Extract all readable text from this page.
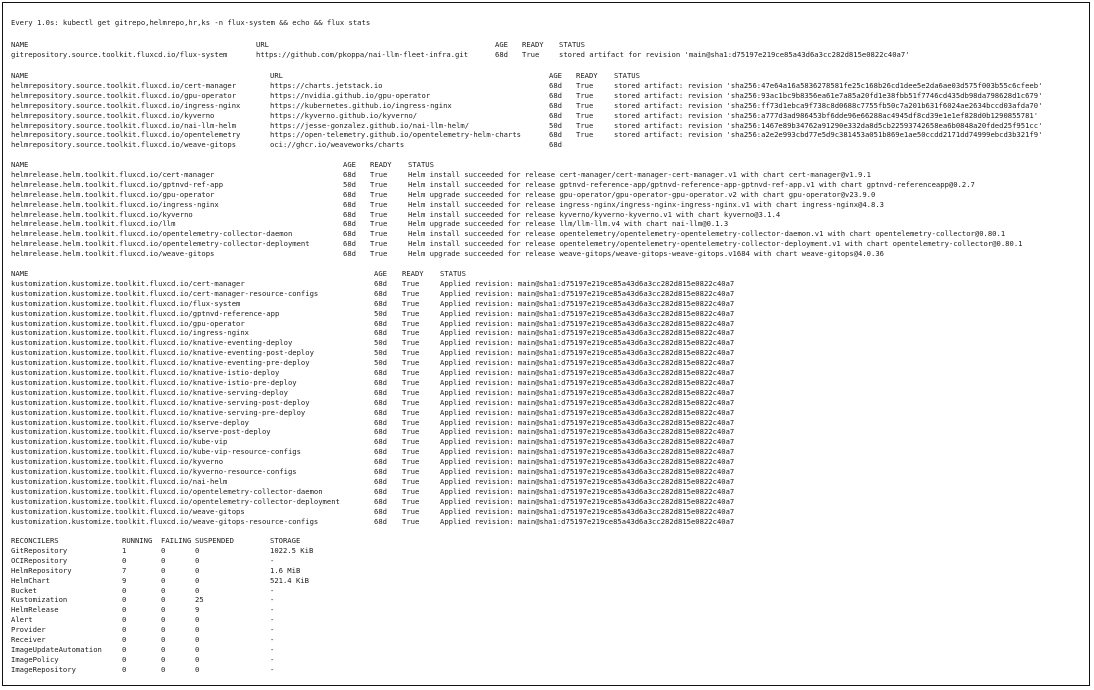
Every 1.0s: kubectl get gitrepo,helmrepo,hr,ks -n flux-system && echo && flux stats
NAME	URL	AGE READY STATUS
gitrepository.source.toolkit.fluxcd.io/flux-system	https://github.com/pkoppa/nai-llm-fleet-infra.git	68d True	stored artifact for revision 'main@sha1:d75197e219ce85a43d6a3cc282d815e0822c40a7'
NAME	URL	AGE READY STATUS
helmrepository.source.toolkit.fluxcd.io/cert-manager	https://charts.jetstack.io	68d True	stored artifact: revision 'sha256:47e64a16a5836278581fe25c168b26cd1dee5e2da6ae03d575f003b55c6cfeeb'
helmrepository.source.toolkit.fluxcd.io/gpu-operator	https://nvidia.github.io/gpu-operator	68d True	stored artifact: revision 'sha256:93ac1bc9b8356ea61e7a85a20fd1e38fbb51f7746cd435db98da798628d1c679'
helmrepository.source.toolkit.fluxcd.io/ingress-nginx	https://kubernetes.github.io/ingress-nginx	68d True	stored artifact: revision 'sha256:ff73d1ebca9f738c8d0688c7755fb50c7a201b631f6024ae2634bccd03afda70'
helmrepository.source.toolkit.fluxcd.io/kyverno	https://kyverno.github.io/kyverno/	68d True	stored artifact: revision 'sha256:a777d3ad986453bf6dde96e66288ac4945df8cd39e1e1ef828d0b1290855781'
helmrepository.source.toolkit.fluxcd.io/nai-llm-helm	https://jesse-gonzalez.github.io/nai-llm-helm/	50d True	stored artifact: revision 'sha256:1467e89b34762a91290e332da8d5cb22593742658ea6b0848a20fded25f951cc'
helmrepository.source.toolkit.fluxcd.io/opentelemetry	https://open-telemetry.github.io/opentelemetry-helm-charts	68d True	stored artifact: revision 'sha256:a2e2e993cbd77e5d9c381453a051b869e1ae50ccdd2171dd74999ebcd3b321f9'
helmrepository.source.toolkit.fluxcd.io/weave-gitops	oci://ghcr.io/weaveworks/charts	68d
NAME	AGE READY STATUS
helmrelease.helm.toolkit.fluxcd.io/cert-manager	68d True	Helm install succeeded for release cert-manager/cert-manager-cert-manager.v1 with chart cert-manager@v1.9.1
helmrelease.helm.toolkit.fluxcd.io/gptnvd-ref-app	50d True	Helm install succeeded for release gptnvd-reference-app/gptnvd-reference-app-gptnvd-ref-app.v1 with chart gptnvd-referenceapp@0.2.7
helmrelease.helm.toolkit.fluxcd.io/gpu-operator	68d True	Helm upgrade succeeded for release gpu-operator/gpu-operator-gpu-operator.v2 with chart gpu-operator@v23.9.0
helmrelease.helm.toolkit.fluxcd.io/ingress-nginx	68d True	Helm install succeeded for release ingress-nginx/ingress-nginx-ingress-nginx.v1 with chart ingress-nginx@4.8.3
helmrelease.helm.toolkit.fluxcd.io/kyverno	68d True	Helm install succeeded for release kyverno/kyverno-kyverno.v1 with chart kyverno@3.1.4
helmrelease.helm.toolkit.fluxcd.io/llm	68d True	Helm upgrade succeeded for release llm/llm-llm.v4 with chart nai-llm@0.1.3
helmrelease.helm.toolkit.fluxcd.io/opentelemetry-collector-daemon	68d True	Helm install succeeded for release opentelemetry/opentelemetry-opentelemetry-collector-daemon.v1 with chart opentelemetry-collector@0.80.1
helmrelease.helm.toolkit.fluxcd.io/opentelemetry-collector-deployment	68d True	Helm install succeeded for release opentelemetry/opentelemetry-opentelemetry-collector-deployment.v1 with chart opentelemetry-collector@0.80.1
helmrelease.helm.toolkit.fluxcd.io/weave-gitops	68d True	Helm upgrade succeeded for release weave-gitops/weave-gitops-weave-gitops.v1684 with chart weave-gitops@4.0.36
NAME	AGE READY STATUS
kustomization.kustomize.toolkit.fluxcd.io/cert-manager	68d True	Applied revision: main@sha1:d75197e219ce85a43d6a3cc282d815e0822c40a7
kustomization.kustomize.toolkit.fluxcd.io/cert-manager-resource-configs	68d True	Applied revision: main@sha1:d75197e219ce85a43d6a3cc282d815e0822c40a7
kustomization.kustomize.toolkit.fluxcd.io/flux-system	68d True	Applied revision: main@sha1:d75197e219ce85a43d6a3cc282d815e0822c40a7
kustomization.kustomize.toolkit.fluxcd.io/gptnvd-reference-app	50d True	Applied revision: main@sha1:d75197e219ce85a43d6a3cc282d815e0822c40a7
kustomization.kustomize.toolkit.fluxcd.io/gpu-operator	68d True	Applied revision: main@sha1:d75197e219ce85a43d6a3cc282d815e0822c40a7
kustomization.kustomize.toolkit.fluxcd.io/ingress-nginx	68d True	Applied revision: main@sha1:d75197e219ce85a43d6a3cc282d815e0822c40a7
kustomization.kustomize.toolkit.fluxcd.io/knative-eventing-deploy	50d True	Applied revision: main@sha1:d75197e219ce85a43d6a3cc282d815e0822c40a7
kustomization.kustomize.toolkit.fluxcd.io/knative-eventing-post-deploy	50d True	Applied revision: main@sha1:d75197e219ce85a43d6a3cc282d815e0822c40a7
kustomization.kustomize.toolkit.fluxcd.io/knative-eventing-pre-deploy	50d True	Applied revision: main@sha1:d75197e219ce85a43d6a3cc282d815e0822c40a7
kustomization.kustomize.toolkit.fluxcd.io/knative-istio-deploy	68d True	Applied revision: main@sha1:d75197e219ce85a43d6a3cc282d815e0822c40a7
kustomization.kustomize.toolkit.fluxcd.io/knative-istio-pre-deploy	68d True	Applied revision: main@sha1:d75197e219ce85a43d6a3cc282d815e0822c40a7
kustomization.kustomize.toolkit.fluxcd.io/knative-serving-deploy	68d True	Applied revision: main@sha1:d75197e219ce85a43d6a3cc282d815e0822c40a7
kustomization.kustomize.toolkit.fluxcd.io/knative-serving-post-deploy	68d True	Applied revision: main@sha1:d75197e219ce85a43d6a3cc282d815e0822c40a7
kustomization.kustomize.toolkit.fluxcd.io/knative-serving-pre-deploy	68d True	Applied revision: main@sha1:d75197e219ce85a43d6a3cc282d815e0822c40a7
kustomization.kustomize.toolkit.fluxcd.io/kserve-deploy	68d True	Applied revision: main@sha1:d75197e219ce85a43d6a3cc282d815e0822c40a7
kustomization.kustomize.toolkit.fluxcd.io/kserve-post-deploy	68d True	Applied revision: main@sha1:d75197e219ce85a43d6a3cc282d815e0822c40a7
kustomization.kustomize.toolkit.fluxcd.io/kube-vip	68d True	Applied revision: main@sha1:d75197e219ce85a43d6a3cc282d815e0822c40a7
kustomization.kustomize.toolkit.fluxcd.io/kube-vip-resource-configs	68d True	Applied revision: main@sha1:d75197e219ce85a43d6a3cc282d815e0822c40a7
kustomization.kustomize.toolkit.fluxcd.io/kyverno	68d True	Applied revision: main@sha1:d75197e219ce85a43d6a3cc282d815e0822c40a7
kustomization.kustomize.toolkit.fluxcd.io/kyverno-resource-configs	68d True	Applied revision: main@sha1:d75197e219ce85a43d6a3cc282d815e0822c40a7
kustomization.kustomize.toolkit.fluxcd.io/nai-helm	68d True	Applied revision: main@sha1:d75197e219ce85a43d6a3cc282d815e0822c40a7
kustomization.kustomize.toolkit.fluxcd.io/opentelemetry-collector-daemon	68d True	Applied revision: main@sha1:d75197e219ce85a43d6a3cc282d815e0822c40a7
kustomization.kustomize.toolkit.fluxcd.io/opentelemetry-collector-deployment	68d True	Applied revision: main@sha1:d75197e219ce85a43d6a3cc282d815e0822c40a7
kustomization.kustomize.toolkit.fluxcd.io/weave-gitops	68d True	Applied revision: main@sha1:d75197e219ce85a43d6a3cc282d815e0822c40a7
kustomization.kustomize.toolkit.fluxcd.io/weave-gitops-resource-configs	68d True	Applied revision: main@sha1:d75197e219ce85a43d6a3cc282d815e0822c40a7
RECONCILERS	RUNNING FAILING SUSPENDED	STORAGE
GitRepository	1	0	0	1022.5 KiB
OCIRepository	0	0	0	-
HelmRepository	7	0	0	1.6 MiB
HelmChart	9	0	0	521.4 KiB
Bucket	0	0	0	-
Kustomization	0	0	25	-
HelmRelease	0	0	9	-
Alert	0	0	0	-
Provider	0	0	0	-
Receiver	0	0	0	-
ImageUpdateAutomation	0	0	0	-
ImagePolicy	0	0	0	-
ImageRepository	0	0	0	-
